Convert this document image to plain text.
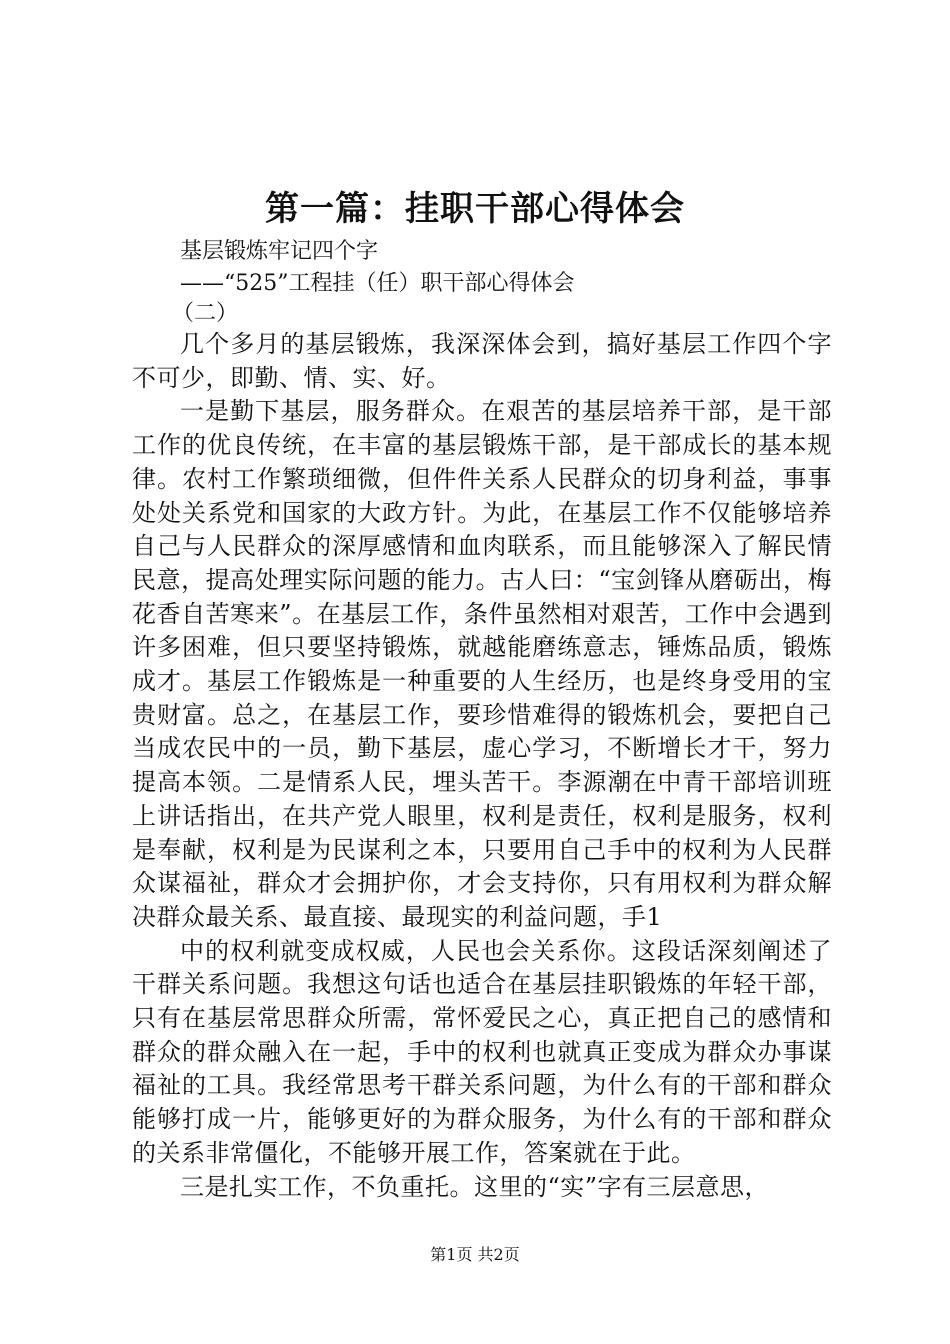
第一篇：挂职干部心得体会
基层锻炼牢记四个字
——“525”工程挂（任）职干部心得体会
（二）

几个多月的基层锻炼，我深深体会到，搞好基层工作四个字不可少，即勤、情、实、好。

一是勤下基层，服务群众。在艰苦的基层培养干部，是干部工作的优良传统，在丰富的基层锻炼干部，是干部成长的基本规律。农村工作繁琐细微，但件件关系人民群众的切身利益，事事处处关系党和国家的大政方针。为此，在基层工作不仅能够培养自己与人民群众的深厚感情和血肉联系，而且能够深入了解民情民意，提高处理实际问题的能力。古人曰：“宝剑锋从磨砺出，梅花香自苦寒来”。在基层工作，条件虽然相对艰苦，工作中会遇到许多困难，但只要坚持锻炼，就越能磨练意志，锤炼品质，锻炼成才。基层工作锻炼是一种重要的人生经历，也是终身受用的宝贵财富。总之，在基层工作，要珍惜难得的锻炼机会，要把自己当成农民中的一员，勤下基层，虚心学习，不断增长才干，努力提高本领。二是情系人民，埋头苦干。李源潮在中青干部培训班上讲话指出，在共产党人眼里，权利是责任，权利是服务，权利是奉献，权利是为民谋利之本，只要用自己手中的权利为人民群众谋福祉，群众才会拥护你，才会支持你，只有用权利为群众解决群众最关系、最直接、最现实的利益问题，手1

中的权利就变成权威，人民也会关系你。这段话深刻阐述了干群关系问题。我想这句话也适合在基层挂职锻炼的年轻干部，只有在基层常思群众所需，常怀爱民之心，真正把自己的感情和群众的群众融入在一起，手中的权利也就真正变成为群众办事谋福祉的工具。我经常思考干群关系问题，为什么有的干部和群众能够打成一片，能够更好的为群众服务，为什么有的干部和群众的关系非常僵化，不能够开展工作，答案就在于此。

三是扎实工作，不负重托。这里的“实”字有三层意思，

第1页 共2页
